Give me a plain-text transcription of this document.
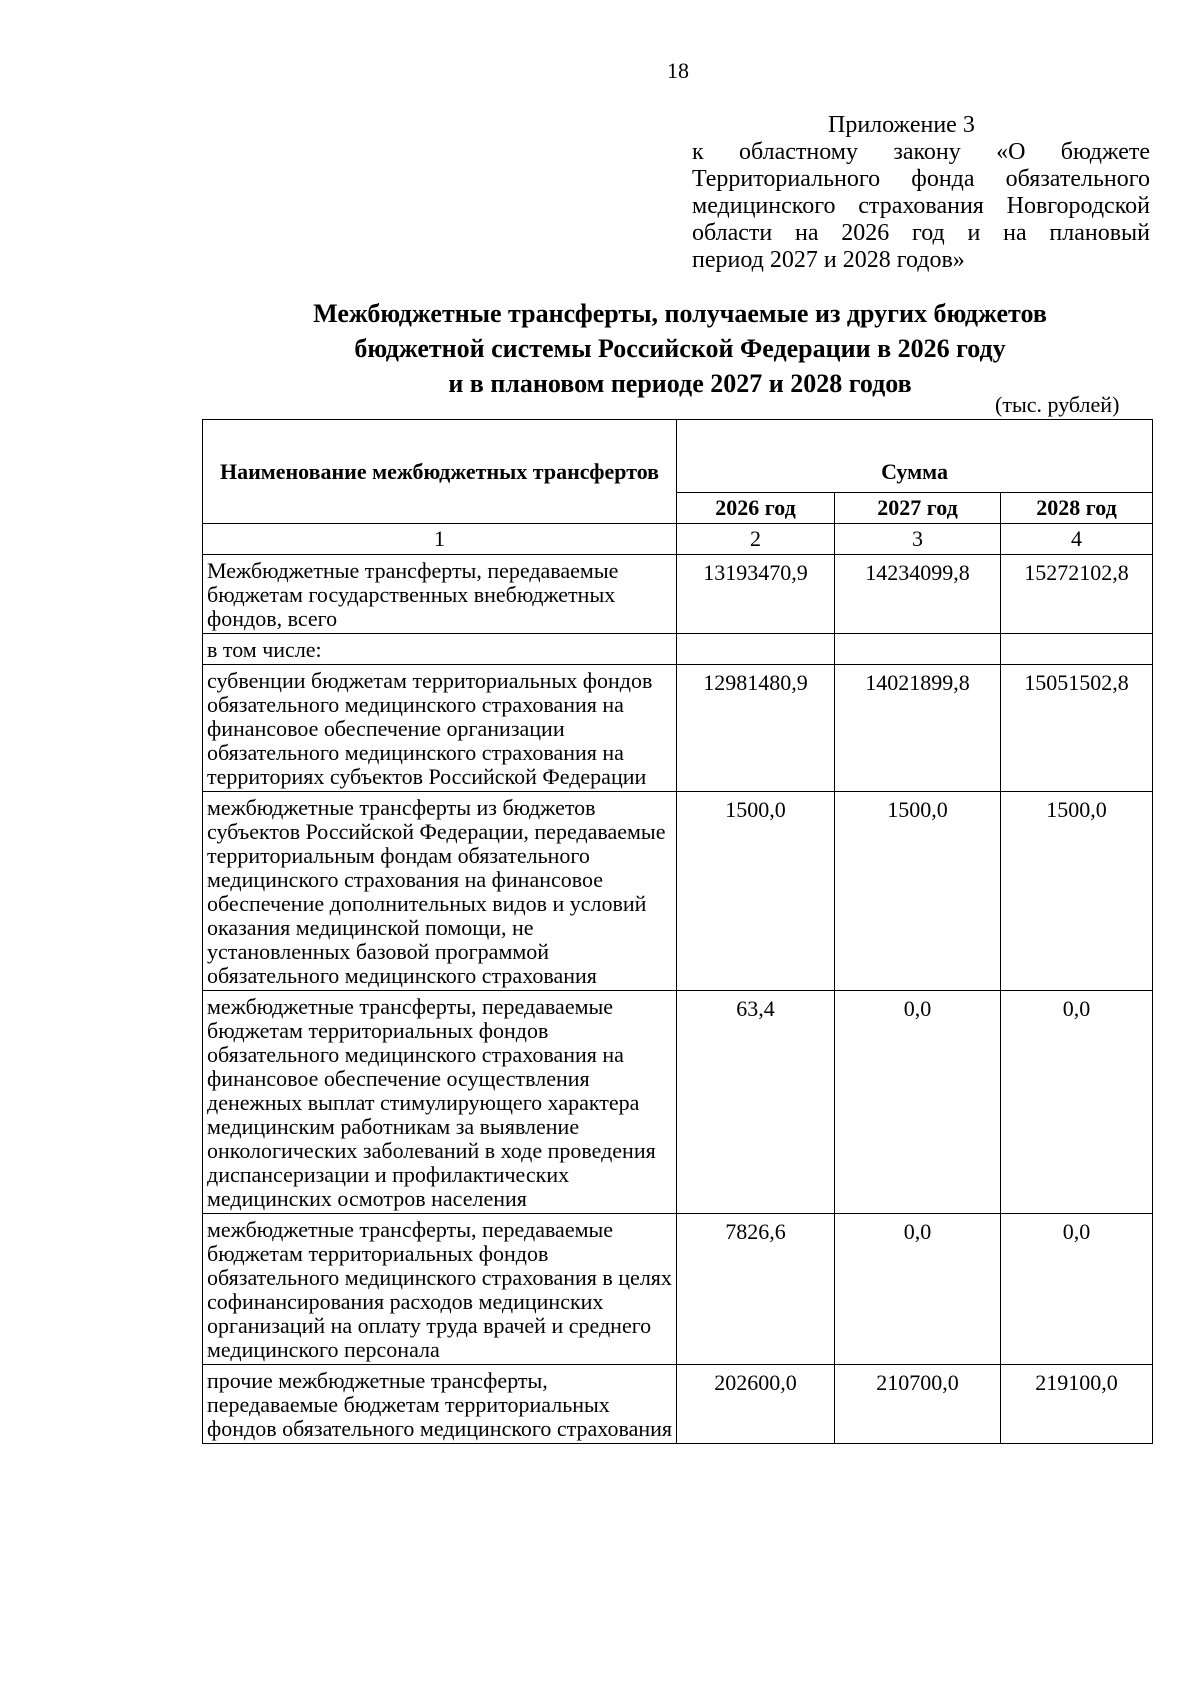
18
Приложение 3
к областному закону «О бюджете
Территориального фонда обязательного
медицинского страхования Новгородской
области на 2026 год и на плановый
период 2027 и 2028 годов»
Межбюджетные трансферты, получаемые из других бюджетов
бюджетной системы Российской Федерации в 2026 году
и в плановом периоде 2027 и 2028 годов
(тыс. рублей)
Наименование межбюджетных трансфертов	Сумма		
	2026 год	2027 год	2028 год
1	2	3	4
Межбюджетные трансферты, передаваемые бюджетам государственных внебюджетных фондов, всего	13193470,9	14234099,8	15272102,8
в том числе:			
субвенции бюджетам территориальных фондов обязательного медицинского страхования на финансовое обеспечение организации обязательного медицинского страхования на территориях субъектов Российской Федерации	12981480,9	14021899,8	15051502,8
межбюджетные трансферты из бюджетов субъектов Российской Федерации, передаваемые территориальным фондам обязательного медицинского страхования на финансовое обеспечение дополнительных видов и условий оказания медицинской помощи, не установленных базовой программой обязательного медицинского страхования	1500,0	1500,0	1500,0
межбюджетные трансферты, передаваемые бюджетам территориальных фондов обязательного медицинского страхования на финансовое обеспечение осуществления денежных выплат стимулирующего характера медицинским работникам за выявление онкологических заболеваний в ходе проведения диспансеризации и профилактических медицинских осмотров населения	63,4	0,0	0,0
межбюджетные трансферты, передаваемые бюджетам территориальных фондов обязательного медицинского страхования в целях софинансирования расходов медицинских организаций на оплату труда врачей и среднего медицинского персонала	7826,6	0,0	0,0
прочие межбюджетные трансферты, передаваемые бюджетам территориальных фондов обязательного медицинского страхования	202600,0	210700,0	219100,0
